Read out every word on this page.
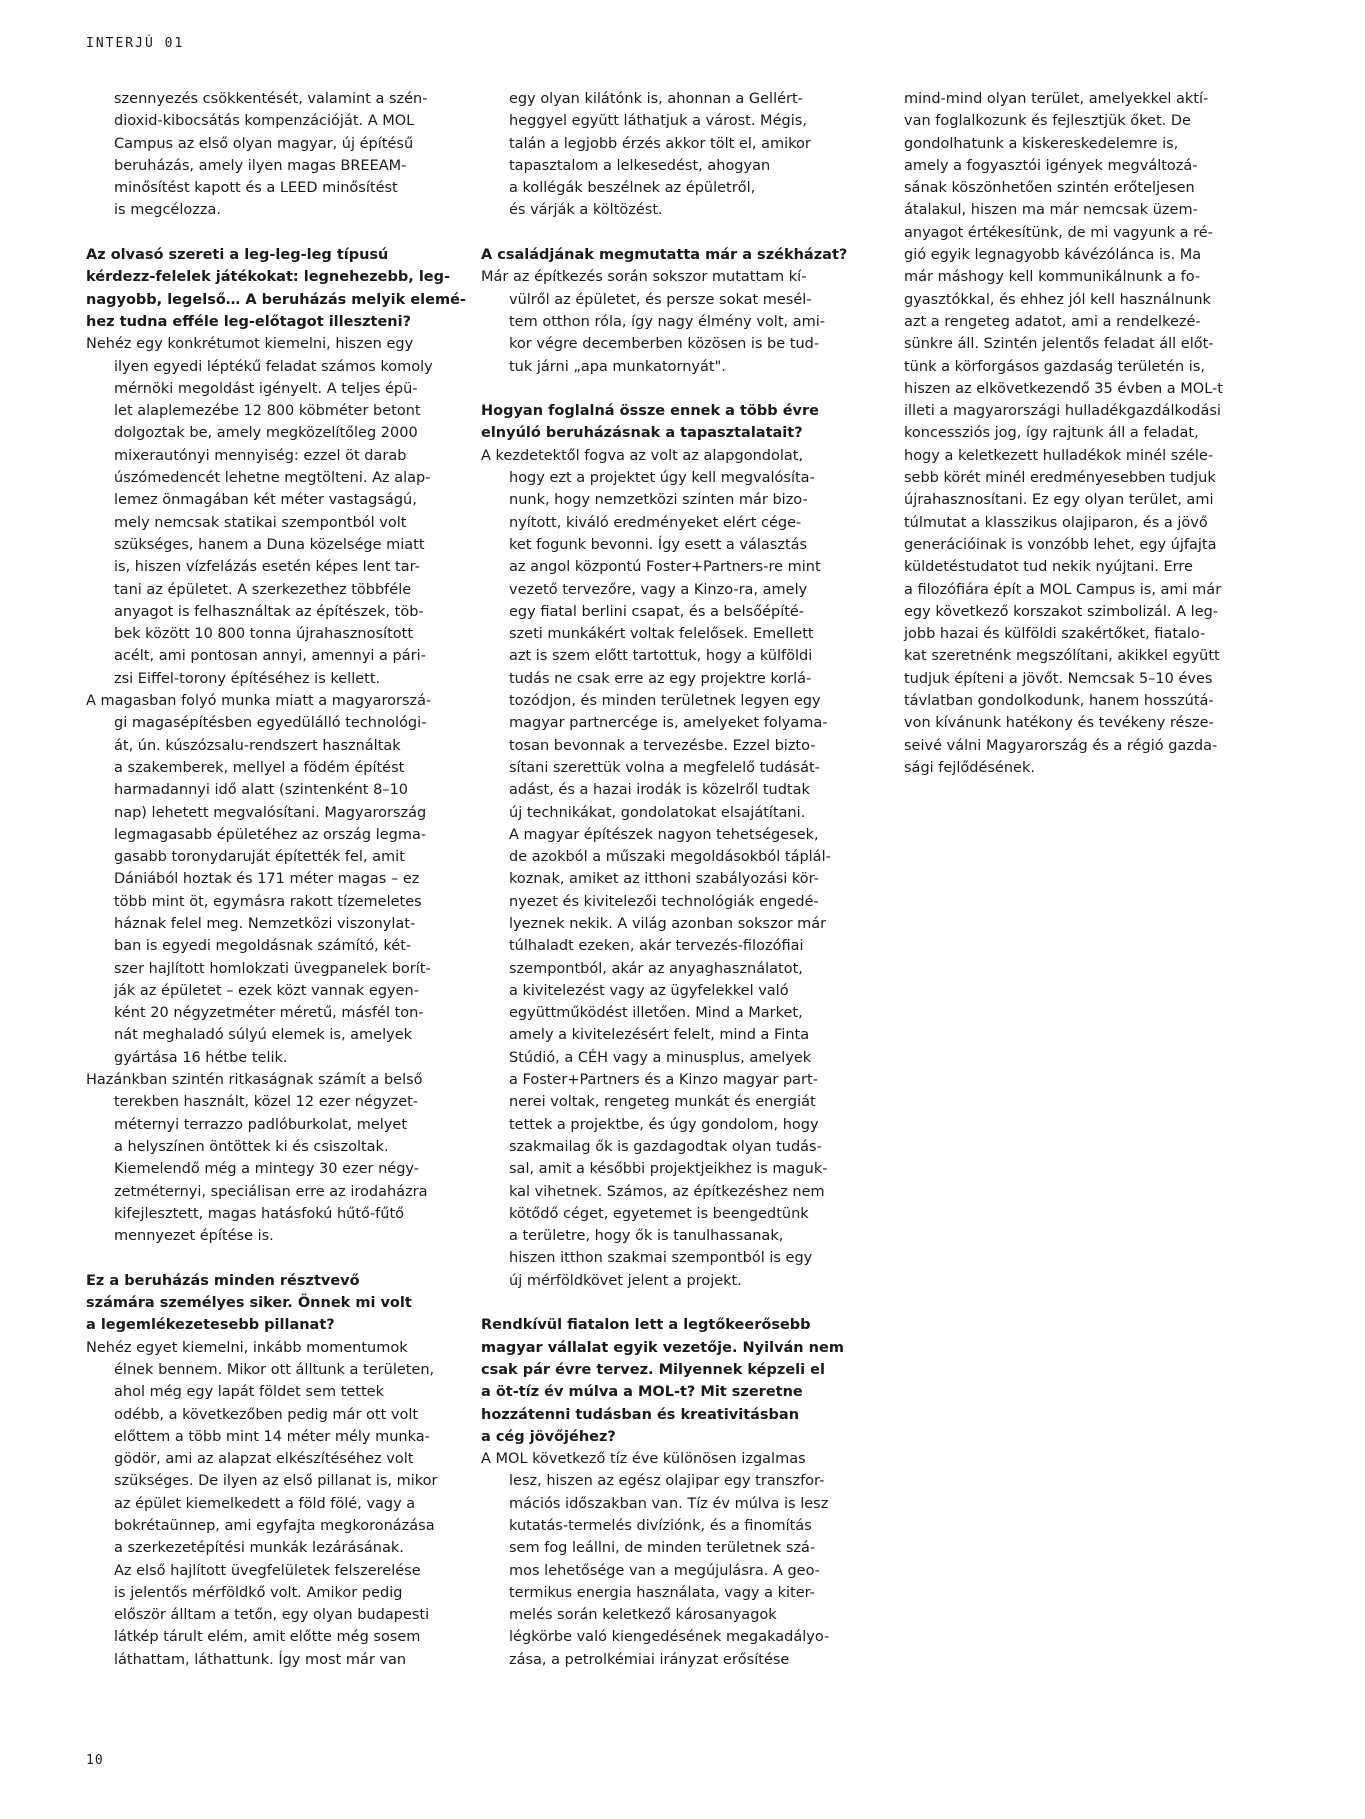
INTERJÚ 01
szennyezés csökkentését, valamint a szén-
dioxid-kibocsátás kompenzációját. A MOL
Campus az első olyan magyar, új építésű
beruházás, amely ilyen magas BREEAM-
minősítést kapott és a LEED minősítést
is megcélozza.
Az olvasó szereti a leg-leg-leg típusú
kérdezz-felelek játékokat: legnehezebb, leg-
nagyobb, legelső… A beruházás melyik elemé-
hez tudna efféle leg-előtagot illeszteni?
Nehéz egy konkrétumot kiemelni, hiszen egy
ilyen egyedi léptékű feladat számos komoly
mérnöki megoldást igényelt. A teljes épü-
let alaplemezébe 12 800 köbméter betont
dolgoztak be, amely megközelítőleg 2000
mixerautónyi mennyiség: ezzel öt darab
úszómedencét lehetne megtölteni. Az alap-
lemez önmagában két méter vastagságú,
mely nemcsak statikai szempontból volt
szükséges, hanem a Duna közelsége miatt
is, hiszen vízfelázás esetén képes lent tar-
tani az épületet. A szerkezethez többféle
anyagot is felhasználtak az építészek, töb-
bek között 10 800 tonna újrahasznosított
acélt, ami pontosan annyi, amennyi a pári-
zsi Eiffel-torony építéséhez is kellett.
A magasban folyó munka miatt a magyarorszá-
gi magasépítésben egyedülálló technológi-
át, ún. kúszózsalu-rendszert használtak
a szakemberek, mellyel a födém építést
harmadannyi idő alatt (szintenként 8–10
nap) lehetett megvalósítani. Magyarország
legmagasabb épületéhez az ország legma-
gasabb toronydaruját építették fel, amit
Dániából hoztak és 171 méter magas – ez
több mint öt, egymásra rakott tízemeletes
háznak felel meg. Nemzetközi viszonylat-
ban is egyedi megoldásnak számító, két-
szer hajlított homlokzati üvegpanelek borít-
ják az épületet – ezek közt vannak egyen-
ként 20 négyzetméter méretű, másfél ton-
nát meghaladó súlyú elemek is, amelyek
gyártása 16 hétbe telik.
Hazánkban szintén ritkaságnak számít a belső
terekben használt, közel 12 ezer négyzet-
méternyi terrazzo padlóburkolat, melyet
a helyszínen öntöttek ki és csiszoltak.
Kiemelendő még a mintegy 30 ezer négy-
zetméternyi, speciálisan erre az irodaházra
kifejlesztett, magas hatásfokú hűtő-fűtő
mennyezet építése is.
Ez a beruházás minden résztvevő
számára személyes siker. Önnek mi volt
a legemlékezetesebb pillanat?
Nehéz egyet kiemelni, inkább momentumok
élnek bennem. Mikor ott álltunk a területen,
ahol még egy lapát földet sem tettek
odébb, a következőben pedig már ott volt
előttem a több mint 14 méter mély munka-
gödör, ami az alapzat elkészítéséhez volt
szükséges. De ilyen az első pillanat is, mikor
az épület kiemelkedett a föld fölé, vagy a
bokrétaünnep, ami egyfajta megkoronázása
a szerkezetépítési munkák lezárásának.
Az első hajlított üvegfelületek felszerelése
is jelentős mérföldkő volt. Amikor pedig
először álltam a tetőn, egy olyan budapesti
látkép tárult elém, amit előtte még sosem
láthattam, láthattunk. Így most már van
egy olyan kilátónk is, ahonnan a Gellért-
heggyel együtt láthatjuk a várost. Mégis,
talán a legjobb érzés akkor tölt el, amikor
tapasztalom a lelkesedést, ahogyan
a kollégák beszélnek az épületről,
és várják a költözést.
A családjának megmutatta már a székházat?
Már az építkezés során sokszor mutattam kí-
vülről az épületet, és persze sokat mesél-
tem otthon róla, így nagy élmény volt, ami-
kor végre decemberben közösen is be tud-
tuk járni „apa munkatornyát".
Hogyan foglalná össze ennek a több évre
elnyúló beruházásnak a tapasztalatait?
A kezdetektől fogva az volt az alapgondolat,
hogy ezt a projektet úgy kell megvalósíta-
nunk, hogy nemzetközi szinten már bizo-
nyított, kiváló eredményeket elért cége-
ket fogunk bevonni. Így esett a választás
az angol központú Foster+Partners-re mint
vezető tervezőre, vagy a Kinzo-ra, amely
egy fiatal berlini csapat, és a belsőépíté-
szeti munkákért voltak felelősek. Emellett
azt is szem előtt tartottuk, hogy a külföldi
tudás ne csak erre az egy projektre korlá-
tozódjon, és minden területnek legyen egy
magyar partnercége is, amelyeket folyama-
tosan bevonnak a tervezésbe. Ezzel bizto-
sítani szerettük volna a megfelelő tudását-
adást, és a hazai irodák is közelről tudtak
új technikákat, gondolatokat elsajátítani.
A magyar építészek nagyon tehetségesek,
de azokból a műszaki megoldásokból táplál-
koznak, amiket az itthoni szabályozási kör-
nyezet és kivitelezői technológiák engedé-
lyeznek nekik. A világ azonban sokszor már
túlhaladt ezeken, akár tervezés-filozófiai
szempontból, akár az anyaghasználatot,
a kivitelezést vagy az ügyfelekkel való
együttműködést illetően. Mind a Market,
amely a kivitelezésért felelt, mind a Finta
Stúdió, a CÉH vagy a minusplus, amelyek
a Foster+Partners és a Kinzo magyar part-
nerei voltak, rengeteg munkát és energiát
tettek a projektbe, és úgy gondolom, hogy
szakmailag ők is gazdagodtak olyan tudás-
sal, amit a későbbi projektjeikhez is maguk-
kal vihetnek. Számos, az építkezéshez nem
kötődő céget, egyetemet is beengedtünk
a területre, hogy ők is tanulhassanak,
hiszen itthon szakmai szempontból is egy
új mérföldkövet jelent a projekt.
Rendkívül fiatalon lett a legtőkeerősebb
magyar vállalat egyik vezetője. Nyilván nem
csak pár évre tervez. Milyennek képzeli el
a öt-tíz év múlva a MOL-t? Mit szeretne
hozzátenni tudásban és kreativitásban
a cég jövőjéhez?
A MOL következő tíz éve különösen izgalmas
lesz, hiszen az egész olajipar egy transzfor-
mációs időszakban van. Tíz év múlva is lesz
kutatás-termelés divíziónk, és a finomítás
sem fog leállni, de minden területnek szá-
mos lehetősége van a megújulásra. A geo-
termikus energia használata, vagy a kiter-
melés során keletkező károsanyagok
légkörbe való kiengedésének megakadályo-
zása, a petrolkémiai irányzat erősítése
mind-mind olyan terület, amelyekkel aktí-
van foglalkozunk és fejlesztjük őket. De
gondolhatunk a kiskereskedelemre is,
amely a fogyasztói igények megváltozá-
sának köszönhetően szintén erőteljesen
átalakul, hiszen ma már nemcsak üzem-
anyagot értékesítünk, de mi vagyunk a ré-
gió egyik legnagyobb kávézólánca is. Ma
már máshogy kell kommunikálnunk a fo-
gyasztókkal, és ehhez jól kell használnunk
azt a rengeteg adatot, ami a rendelkezé-
sünkre áll. Szintén jelentős feladat áll előt-
tünk a körforgásos gazdaság területén is,
hiszen az elkövetkezendő 35 évben a MOL-t
illeti a magyarországi hulladékgazdálkodási
koncessziós jog, így rajtunk áll a feladat,
hogy a keletkezett hulladékok minél széle-
sebb körét minél eredményesebben tudjuk
újrahasznosítani. Ez egy olyan terület, ami
túlmutat a klasszikus olajiparon, és a jövő
generációinak is vonzóbb lehet, egy újfajta
küldetéstudatot tud nekik nyújtani. Erre
a filozófiára épít a MOL Campus is, ami már
egy következő korszakot szimbolizál. A leg-
jobb hazai és külföldi szakértőket, fiatalo-
kat szeretnénk megszólítani, akikkel együtt
tudjuk építeni a jövőt. Nemcsak 5–10 éves
távlatban gondolkodunk, hanem hosszútá-
von kívánunk hatékony és tevékeny része-
seivé válni Magyarország és a régió gazda-
sági fejlődésének.
10
